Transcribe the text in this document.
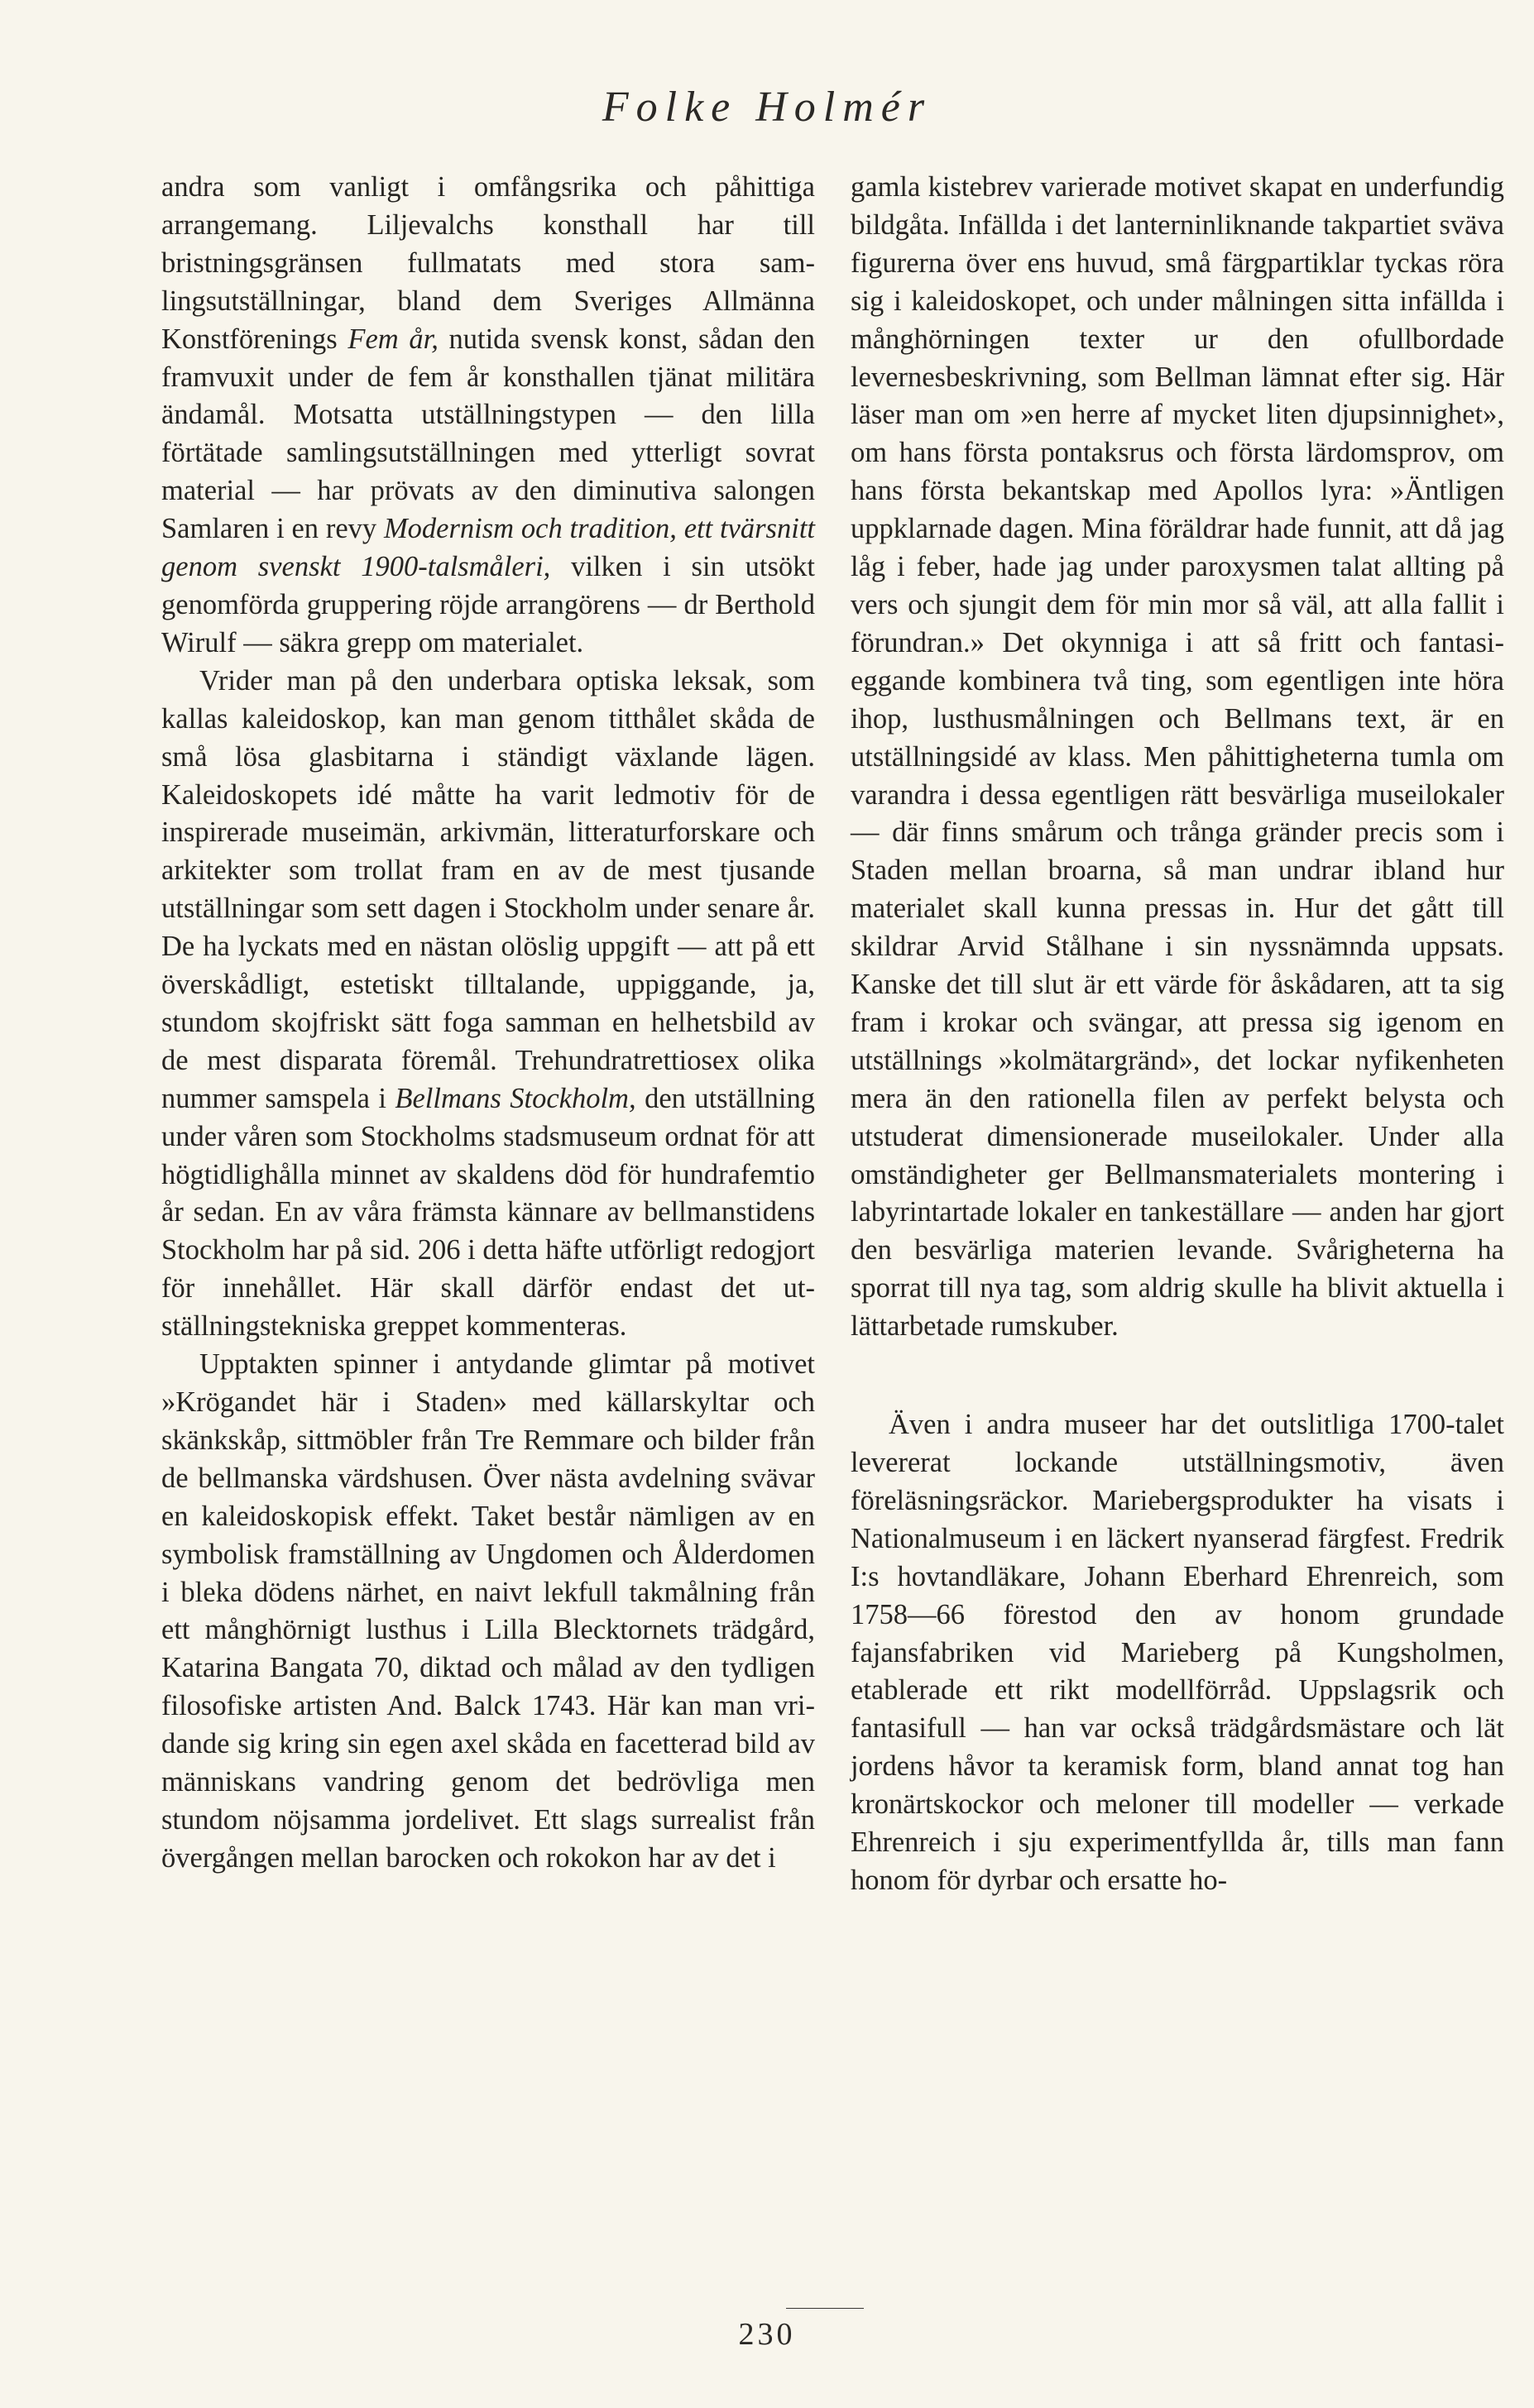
Folke Holmér

andra som vanligt i omfångsrika och påhittiga arrangemang. Liljevalchs konsthall har till bristningsgränsen fullmatats med stora samlingsutställningar, bland dem Sveriges Allmänna Konstförenings Fem år, nutida svensk konst, sådan den framvuxit under de fem år konsthallen tjänat militära ändamål. Motsatta utställningstypen — den lilla förtätade samlingsutställningen med ytterligt sovrat material — har prövats av den diminutiva salongen Samlaren i en revy Modernism och tradition, ett tvärsnitt genom svenskt 1900-talsmåleri, vilken i sin utsökt genomförda gruppering röjde arrangörens — dr Berthold Wirulf — säkra grepp om materialet.

Vrider man på den underbara optiska leksak, som kallas kaleidoskop, kan man genom titthålet skåda de små lösa glasbitarna i ständigt växlande lägen. Kaleidoskopets idé måtte ha varit ledmotiv för de inspirerade museimän, arkivmän, litteraturforskare och arkitekter som trollat fram en av de mest tjusande utställningar som sett dagen i Stockholm under senare år. De ha lyckats med en nästan olöslig uppgift — att på ett överskådligt, estetiskt tilltalande, uppiggande, ja, stundom skojfriskt sätt foga samman en helhetsbild av de mest disparata föremål. Trehundratrettiosex olika nummer samspela i Bellmans Stockholm, den utställning under våren som Stockholms stadsmuseum ordnat för att högtidlighålla minnet av skaldens död för hundrafemtio år sedan. En av våra främsta kännare av bellmanstidens Stockholm har på sid. 206 i detta häfte utförligt redogjort för innehållet. Här skall därför endast det utställningstekniska greppet kommenteras.

Upptakten spinner i antydande glimtar på motivet »Krögandet här i Staden» med källarskyltar och skänkskåp, sittmöbler från Tre Remmare och bilder från de bellmanska värdshusen. Över nästa avdelning svävar en kaleidoskopisk effekt. Taket består nämligen av en symbolisk framställning av Ungdomen och Ålderdomen i bleka dödens närhet, en naivt lekfull takmålning från ett månghörnigt lusthus i Lilla Blecktornets trädgård, Katarina Bangata 70, diktad och målad av den tydligen filosofiske artisten And. Balck 1743. Här kan man vridande sig kring sin egen axel skåda en facetterad bild av människans vandring genom det bedrövliga men stundom nöjsamma jordelivet. Ett slags surrealist från övergången mellan barocken och rokokon har av det i

gamla kistebrev varierade motivet skapat en underfundig bildgåta. Infällda i det lanterninliknande takpartiet sväva figurerna över ens huvud, små färgpartiklar tyckas röra sig i kaleidoskopet, och under målningen sitta infällda i månghörningen texter ur den ofullbordade levernesbeskrivning, som Bellman lämnat efter sig. Här läser man om »en herre af mycket liten djupsinnighet», om hans första pontaksrus och första lärdomsprov, om hans första bekantskap med Apollos lyra: »Äntligen uppklarnade dagen. Mina föräldrar hade funnit, att då jag låg i feber, hade jag under paroxysmen talat allting på vers och sjungit dem för min mor så väl, att alla fallit i förundran.» Det okynniga i att så fritt och fantasieggande kombinera två ting, som egentligen inte höra ihop, lusthusmålningen och Bellmans text, är en utställningsidé av klass. Men påhittigheterna tumla om varandra i dessa egentligen rätt besvärliga museilokaler — där finns smårum och trånga gränder precis som i Staden mellan broarna, så man undrar ibland hur materialet skall kunna pressas in. Hur det gått till skildrar Arvid Stålhane i sin nyssnämnda uppsats. Kanske det till slut är ett värde för åskådaren, att ta sig fram i krokar och svängar, att pressa sig igenom en utställnings »kolmätargränd», det lockar nyfikenheten mera än den rationella filen av perfekt belysta och utstuderat dimensionerade museilokaler. Under alla omständigheter ger Bellmansmaterialets montering i labyrintartade lokaler en tankeställare — anden har gjort den besvärliga materien levande. Svårigheterna ha sporrat till nya tag, som aldrig skulle ha blivit aktuella i lättarbetade rumskuber.

Även i andra museer har det outslitliga 1700-talet levererat lockande utställningsmotiv, även föreläsningsräckor. Mariebergsprodukter ha visats i Nationalmuseum i en läckert nyanserad färgfest. Fredrik I:s hovtandläkare, Johann Eberhard Ehrenreich, som 1758—66 förestod den av honom grundade fajansfabriken vid Marieberg på Kungsholmen, etablerade ett rikt modellförråd. Uppslagsrik och fantasifull — han var också trädgårdsmästare och lät jordens håvor ta keramisk form, bland annat tog han kronärtskockor och meloner till modeller — verkade Ehrenreich i sju experimentfyllda år, tills man fann honom för dyrbar och ersatte ho-

230
